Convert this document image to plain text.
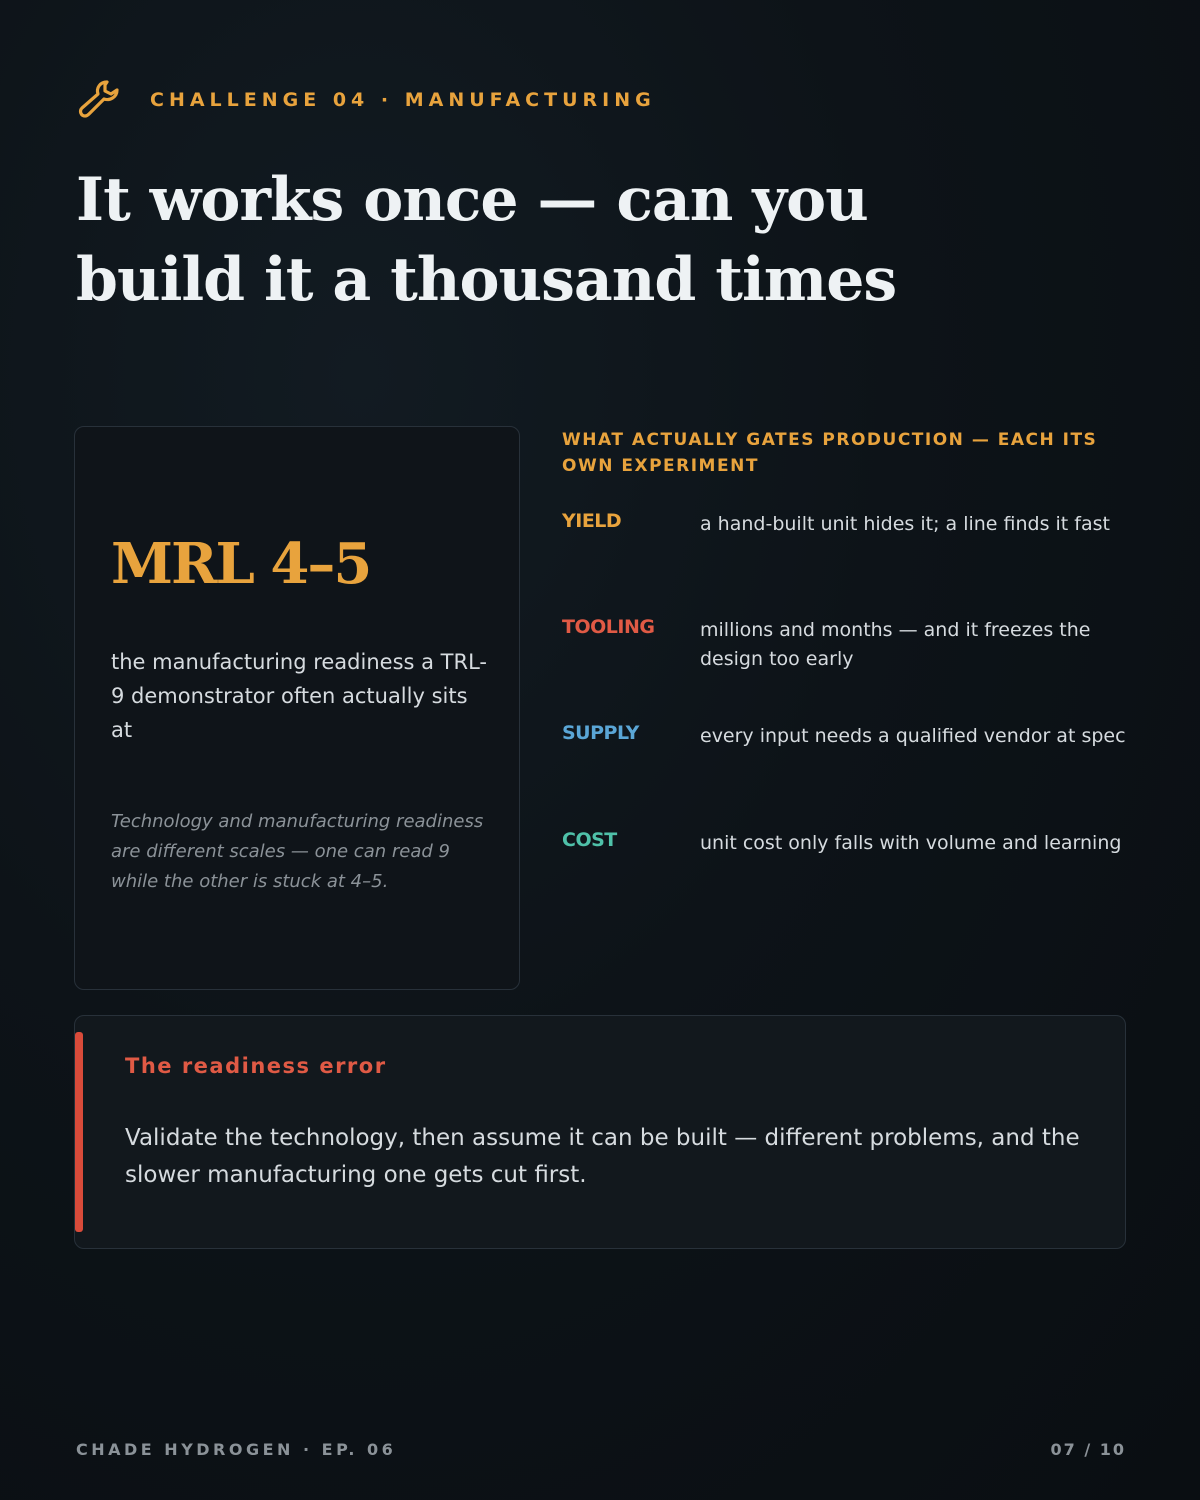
CHALLENGE 04 · MANUFACTURING
It works once — can you build it a thousand times
MRL 4–5
the manufacturing readiness a TRL-9 demonstrator often actually sits at
Technology and manufacturing readiness are different scales — one can read 9 while the other is stuck at 4–5.
WHAT ACTUALLY GATES PRODUCTION — EACH ITS OWN EXPERIMENT
YIELD	a hand-built unit hides it; a line finds it fast
TOOLING millions and months — and it freezes the design too early
SUPPLY	every input needs a qualified vendor at spec
COST	unit cost only falls with volume and learning
The readiness error
Validate the technology, then assume it can be built — different problems, and the slower manufacturing one gets cut first.
CHADE HYDROGEN · EP. 06	07 / 10
